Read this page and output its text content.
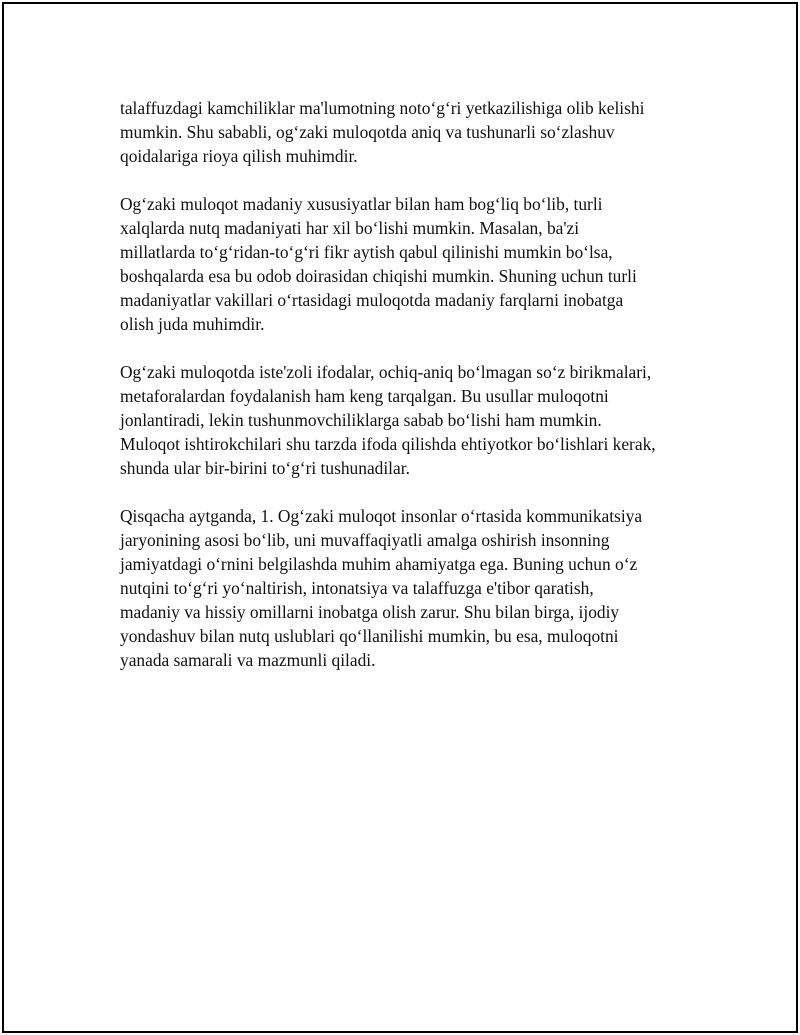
talaffuzdagi kamchiliklar ma'lumotning noto‘g‘ri yetkazilishiga olib kelishi
mumkin. Shu sababli, og‘zaki muloqotda aniq va tushunarli so‘zlashuv
qoidalariga rioya qilish muhimdir.

Og‘zaki muloqot madaniy xususiyatlar bilan ham bog‘liq bo‘lib, turli
xalqlarda nutq madaniyati har xil bo‘lishi mumkin. Masalan, ba'zi
millatlarda to‘g‘ridan-to‘g‘ri fikr aytish qabul qilinishi mumkin bo‘lsa,
boshqalarda esa bu odob doirasidan chiqishi mumkin. Shuning uchun turli
madaniyatlar vakillari o‘rtasidagi muloqotda madaniy farqlarni inobatga
olish juda muhimdir.

Og‘zaki muloqotda iste'zoli ifodalar, ochiq-aniq bo‘lmagan so‘z birikmalari,
metaforalardan foydalanish ham keng tarqalgan. Bu usullar muloqotni
jonlantiradi, lekin tushunmovchiliklarga sabab bo‘lishi ham mumkin.
Muloqot ishtirokchilari shu tarzda ifoda qilishda ehtiyotkor bo‘lishlari kerak,
shunda ular bir-birini to‘g‘ri tushunadilar.

Qisqacha aytganda, 1. Og‘zaki muloqot insonlar o‘rtasida kommunikatsiya
jaryonining asosi bo‘lib, uni muvaffaqiyatli amalga oshirish insonning
jamiyatdagi o‘rnini belgilashda muhim ahamiyatga ega. Buning uchun o‘z
nutqini to‘g‘ri yo‘naltirish, intonatsiya va talaffuzga e'tibor qaratish,
madaniy va hissiy omillarni inobatga olish zarur. Shu bilan birga, ijodiy
yondashuv bilan nutq uslublari qo‘llanilishi mumkin, bu esa, muloqotni
yanada samarali va mazmunli qiladi.
